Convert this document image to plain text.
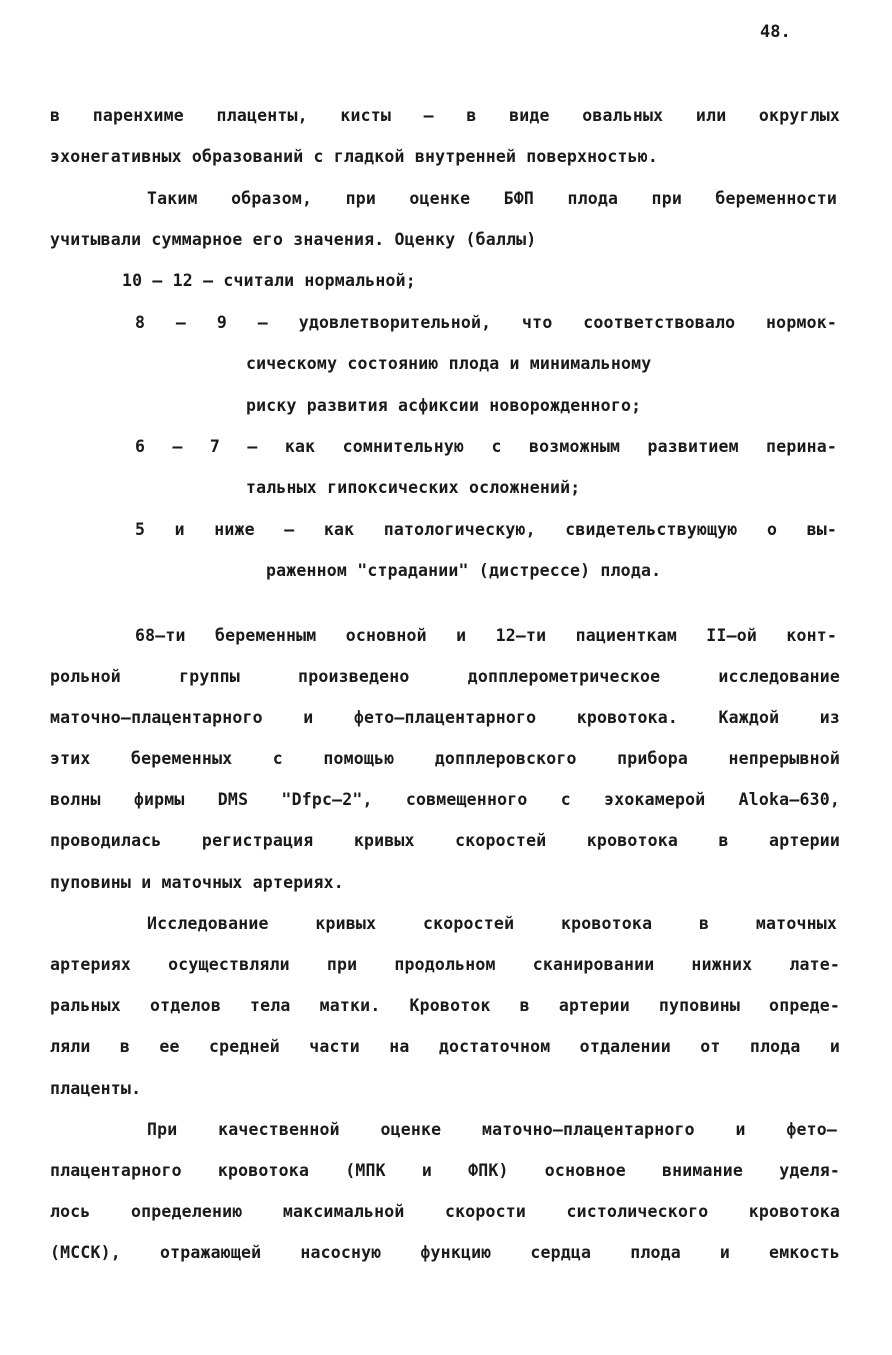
48.
в паренхиме плаценты, кисты – в виде овальных или округлых
эхонегативных образований с гладкой внутренней поверхностью.
Таким образом, при оценке БФП плода при беременности
учитывали суммарное его значения. Оценку (баллы)
10 – 12 – считали нормальной;
8 – 9 – удовлетворительной, что соответствовало нормок-
сическому состоянию плода и минимальному
риску развития асфиксии новорожденного;
6 – 7 – как сомнительную с возможным развитием перина-
тальных гипоксических осложнений;
5 и ниже – как патологическую, свидетельствующую о вы-
раженном "страдании" (дистрессе) плода.
68–ти беременным основной и 12–ти пациенткам II–ой конт-
рольной группы произведено допплерометрическое исследование
маточно–плацентарного и фето–плацентарного кровотока. Каждой из
этих беременных с помощью допплеровского прибора непрерывной
волны фирмы DMS "Dfpc–2", совмещенного с эхокамерой Aloka–630,
проводилась регистрация кривых скоростей кровотока в артерии
пуповины и маточных артериях.
Исследование кривых скоростей кровотока в маточных
артериях осуществляли при продольном сканировании нижних лате-
ральных отделов тела матки. Кровоток в артерии пуповины опреде-
ляли в ее средней части на достаточном отдалении от плода и
плаценты.
При качественной оценке маточно–плацентарного и фето–
плацентарного кровотока (МПК и ФПК) основное внимание уделя-
лось определению максимальной скорости систолического кровотока
(МССК), отражающей насосную функцию сердца плода и емкость
